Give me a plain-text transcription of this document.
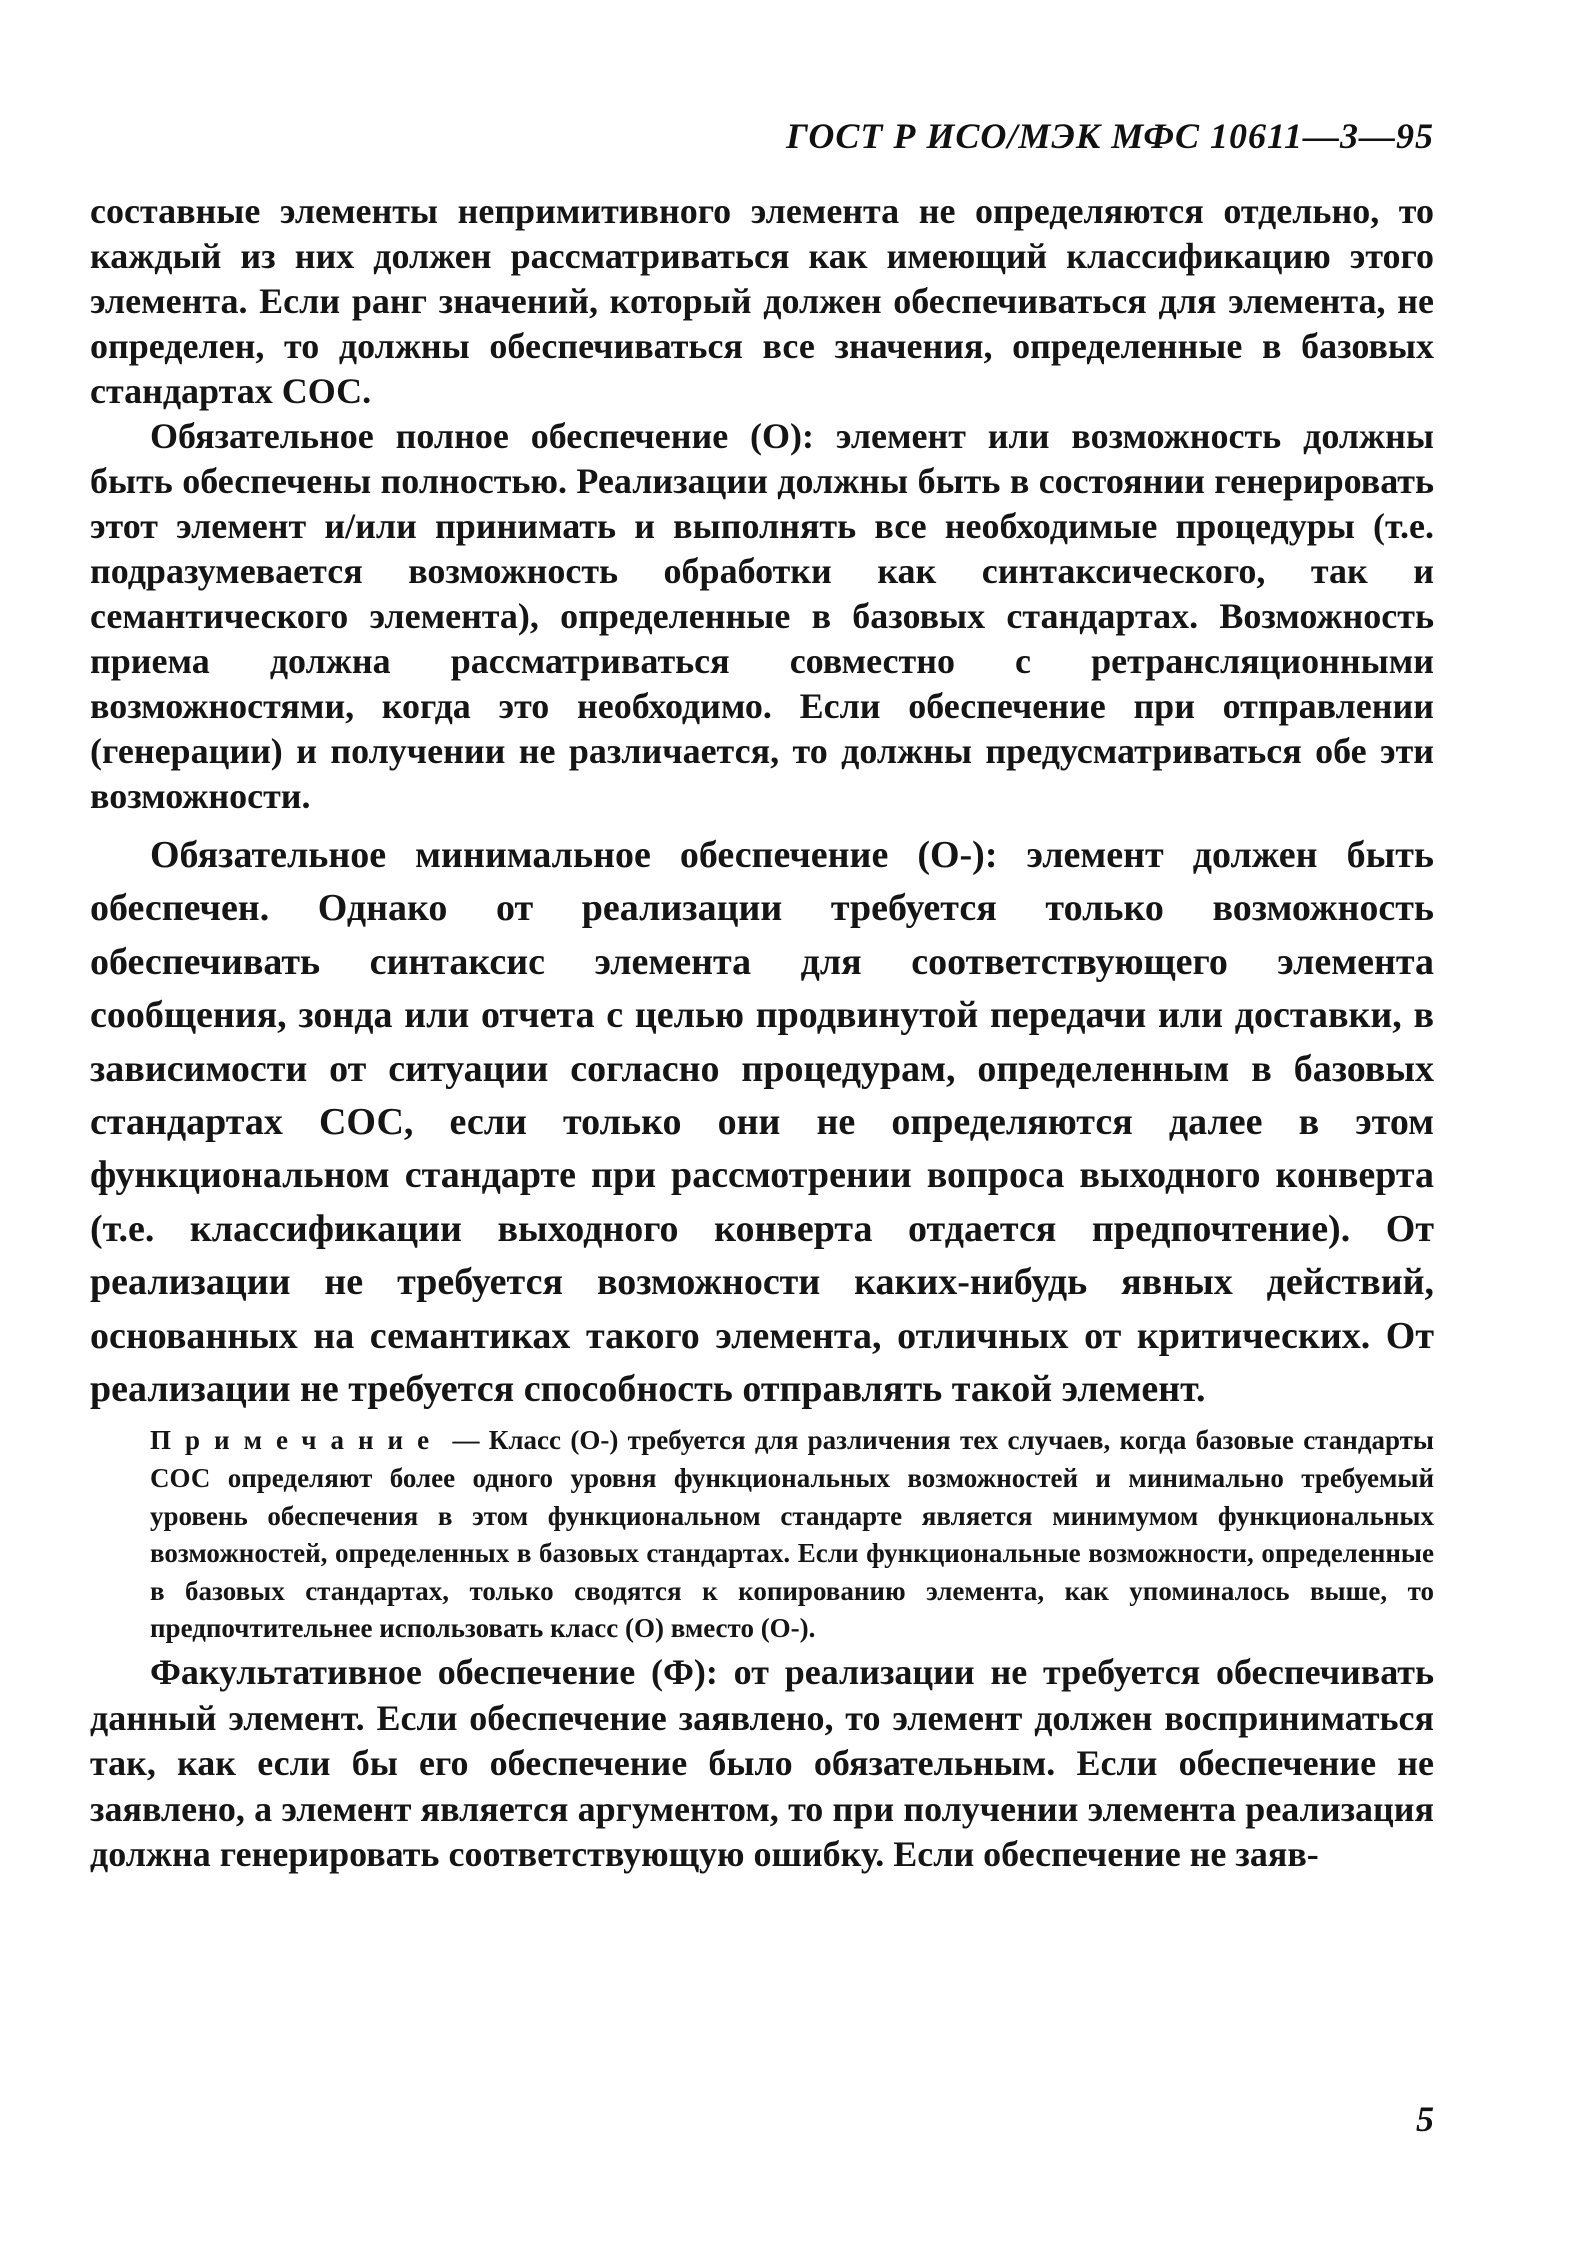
ГОСТ Р ИСО/МЭК МФС 10611—3—95

составные элементы непримитивного элемента не определяются отдельно, то каждый из них должен рассматриваться как имеющий классификацию этого элемента. Если ранг значений, который должен обеспечиваться для элемента, не определен, то должны обеспечиваться все значения, определенные в базовых стандартах СОС.

Обязательное полное обеспечение (О): элемент или возможность должны быть обеспечены полностью. Реализации должны быть в состоянии генерировать этот элемент и/или принимать и выполнять все необходимые процедуры (т.е. подразумевается возможность обработки как синтаксического, так и семантического элемента), определенные в базовых стандартах. Возможность приема должна рассматриваться совместно с ретрансляционными возможностями, когда это необходимо. Если обеспечение при отправлении (генерации) и получении не различается, то должны предусматриваться обе эти возможности.

Обязательное минимальное обеспечение (О-): элемент должен быть обеспечен. Однако от реализации требуется только возможность обеспечивать синтаксис элемента для соответствующего элемента сообщения, зонда или отчета с целью продвинутой передачи или доставки, в зависимости от ситуации согласно процедурам, определенным в базовых стандартах СОС, если только они не определяются далее в этом функциональном стандарте при рассмотрении вопроса выходного конверта (т.е. классификации выходного конверта отдается предпочтение). От реализации не требуется возможности каких-нибудь явных действий, основанных на семантиках такого элемента, отличных от критических. От реализации не требуется способность отправлять такой элемент.

Примечание — Класс (О-) требуется для различения тех случаев, когда базовые стандарты СОС определяют более одного уровня функциональных возможностей и минимально требуемый уровень обеспечения в этом функциональном стандарте является минимумом функциональных возможностей, определенных в базовых стандартах. Если функциональные возможности, определенные в базовых стандартах, только сводятся к копированию элемента, как упоминалось выше, то предпочтительнее использовать класс (О) вместо (О-).

Факультативное обеспечение (Ф): от реализации не требуется обеспечивать данный элемент. Если обеспечение заявлено, то элемент должен восприниматься так, как если бы его обеспечение было обязательным. Если обеспечение не заявлено, а элемент является аргументом, то при получении элемента реализация должна генерировать соответствующую ошибку. Если обеспечение не заяв-

5
